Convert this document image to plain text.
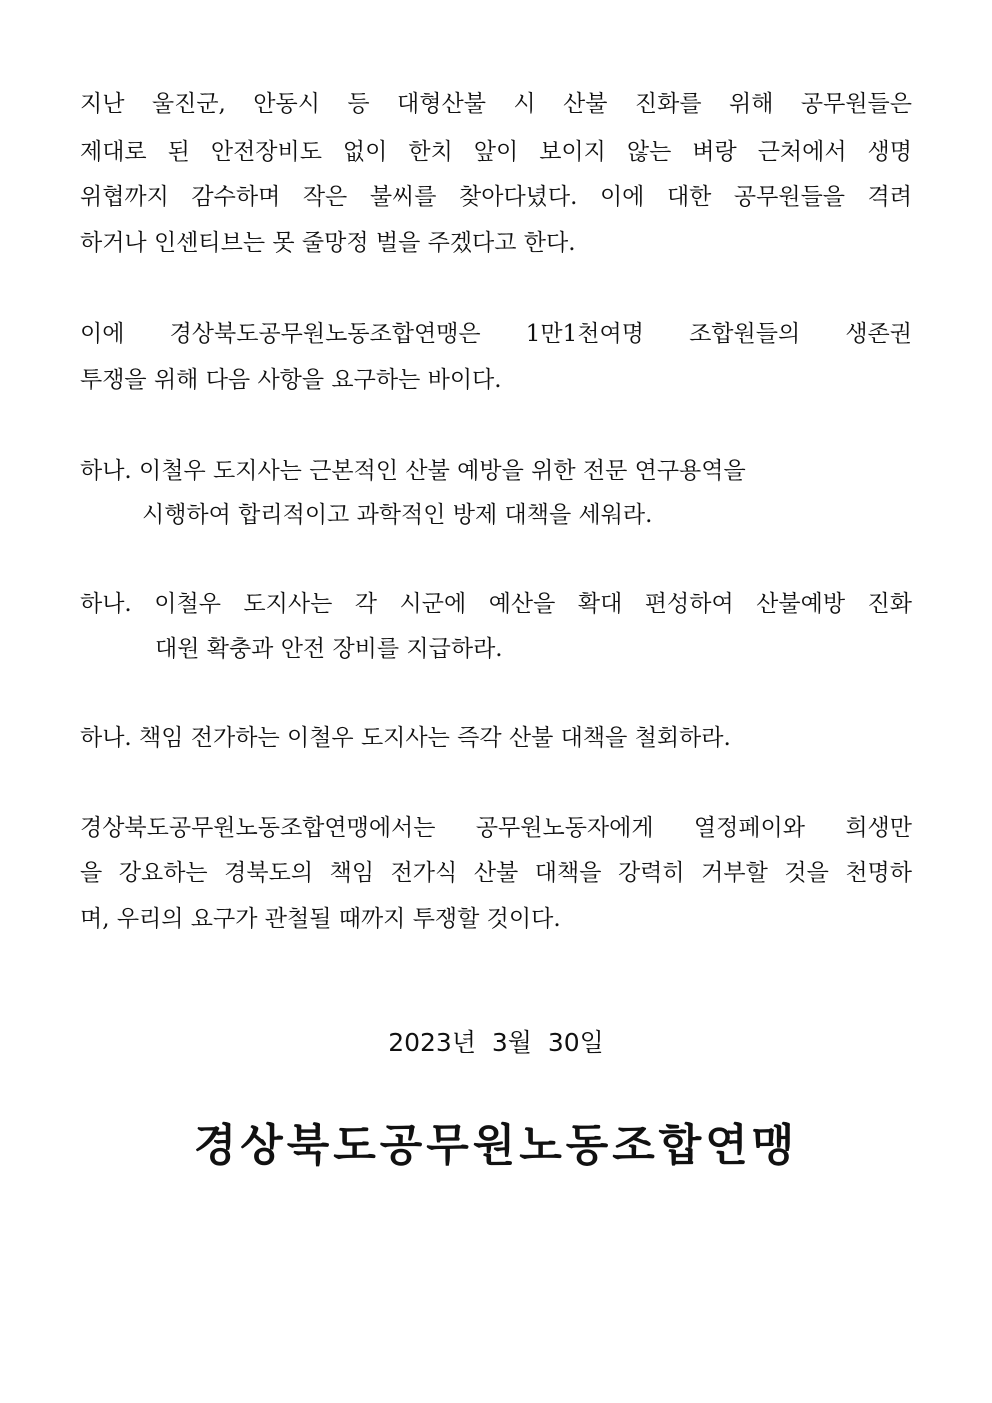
지난 울진군, 안동시 등 대형산불 시 산불 진화를 위해 공무원들은
제대로 된 안전장비도 없이 한치 앞이 보이지 않는 벼랑 근처에서 생명
위협까지 감수하며 작은 불씨를 찾아다녔다. 이에 대한 공무원들을 격려
하거나 인센티브는 못 줄망정 벌을 주겠다고 한다.
이에 경상북도공무원노동조합연맹은 1만1천여명 조합원들의 생존권
투쟁을 위해 다음 사항을 요구하는 바이다.
하나. 이철우 도지사는 근본적인 산불 예방을 위한 전문 연구용역을
시행하여 합리적이고 과학적인 방제 대책을 세워라.
하나. 이철우 도지사는 각 시군에 예산을 확대 편성하여 산불예방 진화
대원 확충과 안전 장비를 지급하라.
하나. 책임 전가하는 이철우 도지사는 즉각 산불 대책을 철회하라.
경상북도공무원노동조합연맹에서는 공무원노동자에게 열정페이와 희생만
을 강요하는 경북도의 책임 전가식 산불 대책을 강력히 거부할 것을 천명하
며, 우리의 요구가 관철될 때까지 투쟁할 것이다.
2023년  3월  30일
경상북도공무원노동조합연맹
